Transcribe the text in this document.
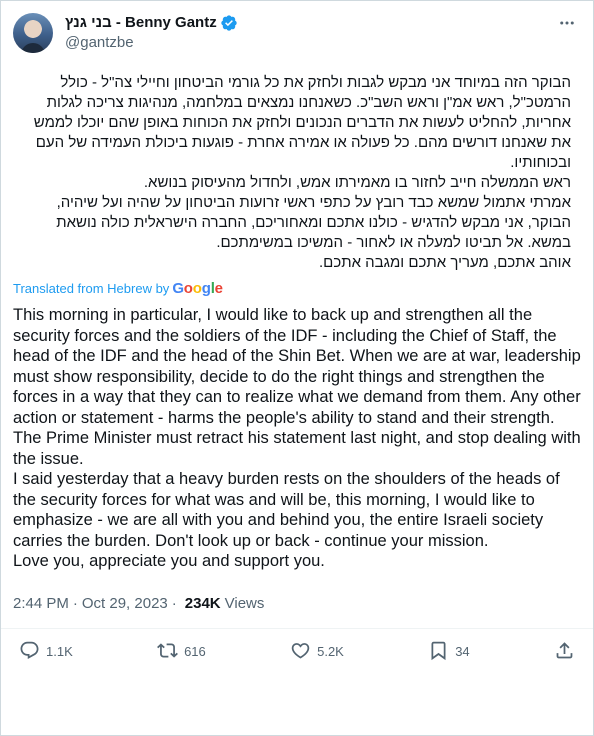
בני גנץ - Benny Gantz
@gantzbe

הבוקר הזה במיוחד אני מבקש לגבות ולחזק את כל גורמי הביטחון וחיילי צה"ל - כולל הרמטכ"ל, ראש אמ"ן וראש השב"כ. כשאנחנו נמצאים במלחמה, מנהיגות צריכה לגלות אחריות, להחליט לעשות את הדברים הנכונים ולחזק את הכוחות באופן שהם יוכלו לממש את שאנחנו דורשים מהם. כל פעולה או אמירה אחרת - פוגעות ביכולת העמידה של העם ובכוחותיו.

ראש הממשלה חייב לחזור בו מאמירתו אמש, ולחדול מהעיסוק בנושא.

אמרתי אתמול שמשא כבד רובץ על כתפי ראשי זרועות הביטחון על שהיה ועל שיהיה, הבוקר, אני מבקש להדגיש - כולנו אתכם ומאחוריכם, החברה הישראלית כולה נושאת במשא. אל תביטו למעלה או לאחור - המשיכו במשימתכם.

אוהב אתכם, מעריך אתכם ומגבה אתכם.

Translated from Hebrew by Google

This morning in particular, I would like to back up and strengthen all the security forces and the soldiers of the IDF - including the Chief of Staff, the head of the IDF and the head of the Shin Bet. When we are at war, leadership must show responsibility, decide to do the right things and strengthen the forces in a way that they can to realize what we demand from them. Any other action or statement - harms the people's ability to stand and their strength.

The Prime Minister must retract his statement last night, and stop dealing with the issue.

I said yesterday that a heavy burden rests on the shoulders of the heads of the security forces for what was and will be, this morning, I would like to emphasize - we are all with you and behind you, the entire Israeli society carries the burden. Don't look up or back - continue your mission.

Love you, appreciate you and support you.

2:44 PM · Oct 29, 2023 · 234K Views
1.1K	616	5.2K	34
